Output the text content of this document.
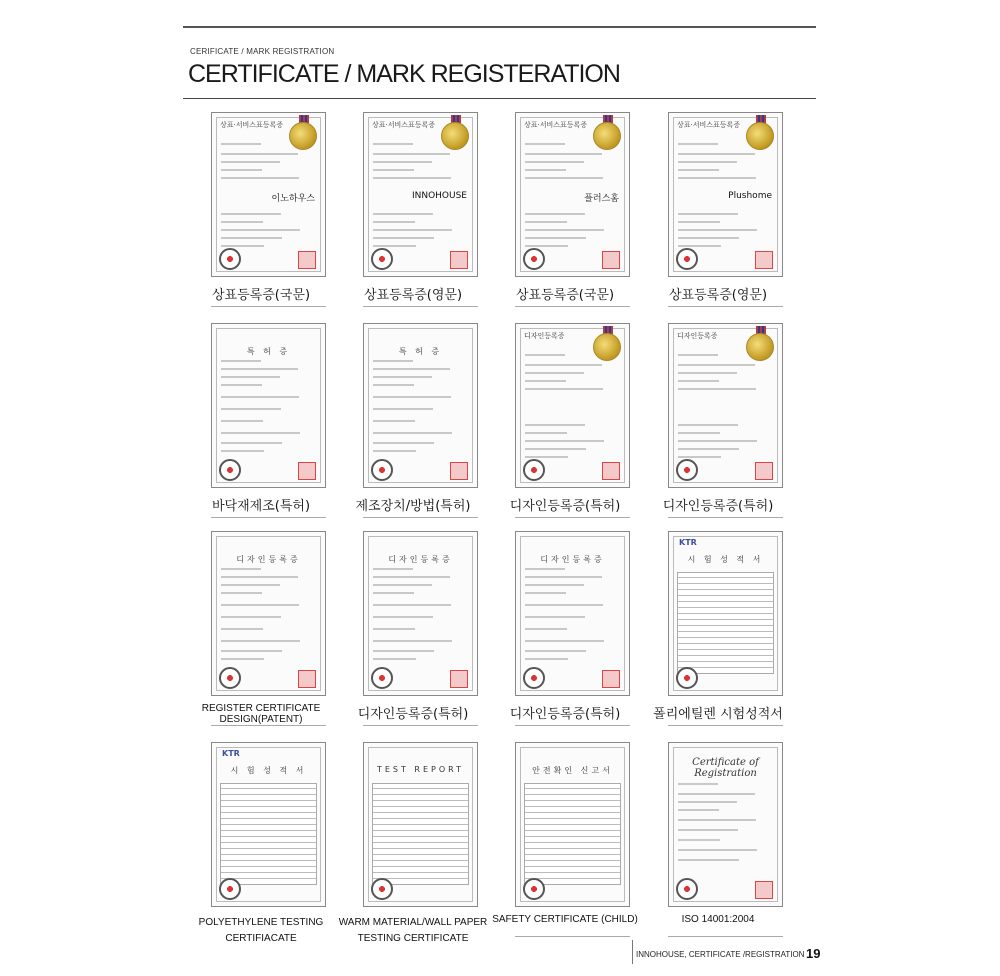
CERIFICATE / MARK REGISTRATION
CERTIFICATE / MARK REGISTERATION
상표·서비스표등록증
이노하우스
상표등록증(국문)
상표·서비스표등록증
INNOHOUSE
상표등록증(영문)
상표·서비스표등록증
플러스홈
상표등록증(국문)
상표·서비스표등록증
Plushome
상표등록증(영문)
특 허 증
바닥재제조(특허)
특 허 증
제조장치/방법(특허)
디자인등록증
디자인등록증(특허)
디자인등록증
디자인등록증(특허)
디자인등록증
REGISTER CERTIFICATE DESIGN(PATENT)
디자인등록증
디자인등록증(특허)
디자인등록증
디자인등록증(특허)
시 험 성 적 서
KTR
폴리에틸렌 시험성적서
시 험 성 적 서
KTR
POLYETHYLENE TESTING
CERTIFIACATE
TEST REPORT
WARM MATERIAL/WALL PAPER
TESTING CERTIFICATE
안전확인 신고서
SAFETY CERTIFICATE (CHILD)
Certificate of Registration
ISO 14001:2004
INNOHOUSE, CERTIFICATE /REGISTRATION 19
